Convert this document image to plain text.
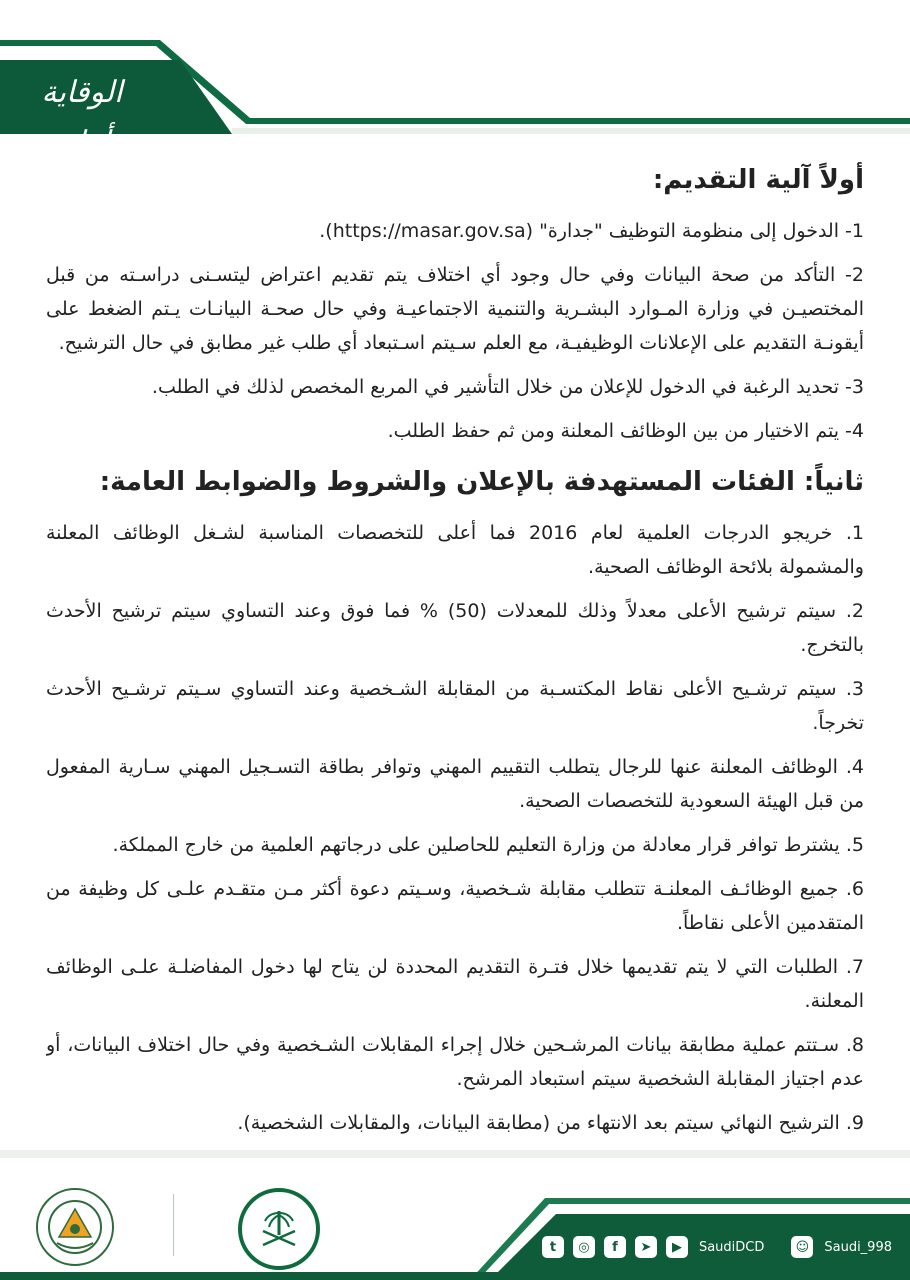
الوقاية أمان
أولاً آلية التقديم:

1- الدخول إلى منظومة التوظيف "جدارة" (https://masar.gov.sa).

2- التأكد من صحة البيانات وفي حال وجود أي اختلاف يتم تقديم اعتراض ليتسـنى دراسـته من قبل المختصيـن في وزارة المـوارد البشـرية والتنمية الاجتماعيـة وفي حال صحـة البيانـات يـتم الضغط على أيقونـة التقديم على الإعلانات الوظيفيـة، مع العلم سـيتم اسـتبعاد أي طلب غير مطابق في حال الترشيح.

3- تحديد الرغبة في الدخول للإعلان من خلال التأشير في المربع المخصص لذلك في الطلب.

4- يتم الاختيار من بين الوظائف المعلنة ومن ثم حفظ الطلب.

ثانياً: الفئات المستهدفة بالإعلان والشروط والضوابط العامة:

1. خريجو الدرجات العلمية لعام 2016 فما أعلى للتخصصات المناسبة لشـغل الوظائف المعلنة والمشمولة بلائحة الوظائف الصحية.

2. سيتم ترشيح الأعلى معدلاً وذلك للمعدلات (50) % فما فوق وعند التساوي سيتم ترشيح الأحدث بالتخرج.

3. سيتم ترشـيح الأعلى نقاط المكتسـبة من المقابلة الشـخصية وعند التساوي سـيتم ترشـيح الأحدث تخرجاً.

4. الوظائف المعلنة عنها للرجال يتطلب التقييم المهني وتوافر بطاقة التسـجيل المهني سـارية المفعول من قبل الهيئة السعودية للتخصصات الصحية.

5. يشترط توافر قرار معادلة من وزارة التعليم للحاصلين على درجاتهم العلمية من خارج المملكة.

6. جميع الوظائـف المعلنـة تتطلب مقابلة شـخصية، وسـيتم دعوة أكثر مـن متقـدم علـى كل وظيفة من المتقدمين الأعلى نقاطاً.

7. الطلبات التي لا يتم تقديمها خلال فتـرة التقديم المحددة لن يتاح لها دخول المفاضلـة علـى الوظائف المعلنة.

8. سـتتم عملية مطابقة بيانات المرشـحين خلال إجراء المقابلات الشـخصية وفي حال اختلاف البيانات، أو عدم اجتياز المقابلة الشخصية سيتم استبعاد المرشح.

9. الترشيح النهائي سيتم بعد الانتهاء من (مطابقة البيانات، والمقابلات الشخصية).

t	◎	f	➤	▶	SaudiDCD	☺	Saudi_998
